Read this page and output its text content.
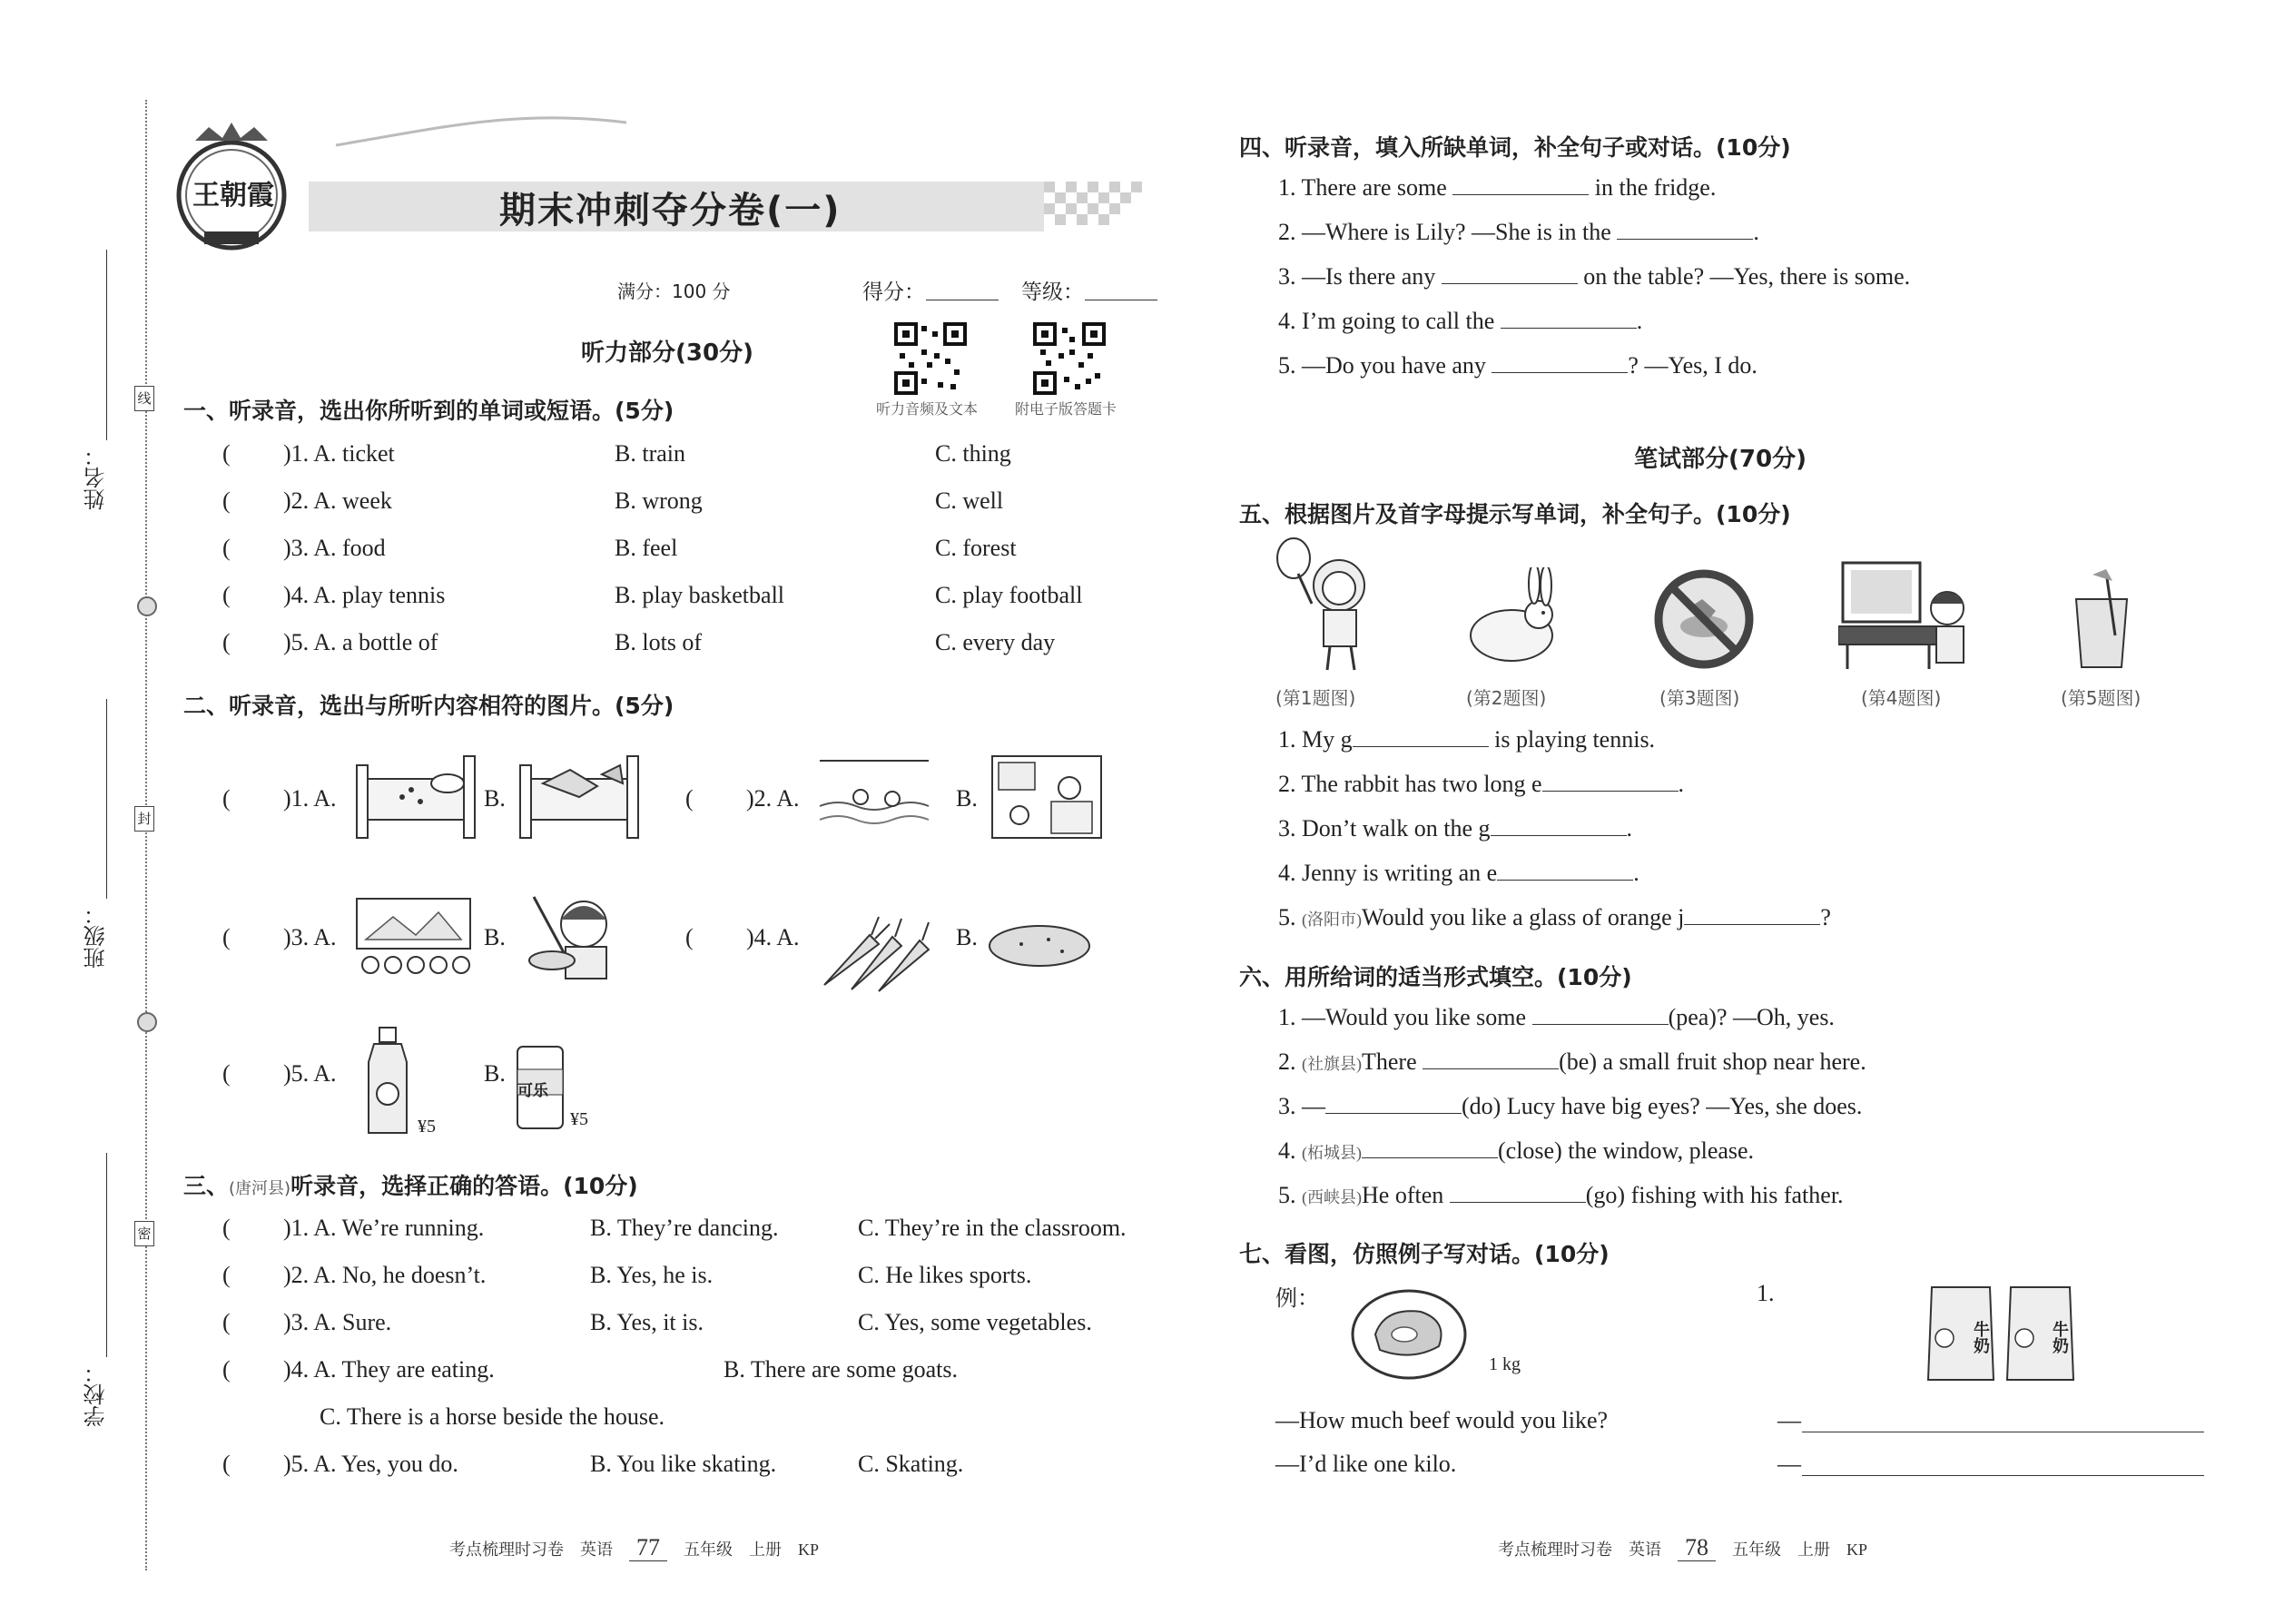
线
封
密
姓名：
班级：
学校：
王朝霞	期末冲刺夺分卷(一)
满分：100 分	得分：	等级：
听力音频及文本	附电子版答题卡
听力部分(30分)
一、听录音，选出你所听到的单词或短语。(5分)
( )1. A. ticket	B. train	C. thing
( )2. A. week	B. wrong	C. well
( )3. A. food	B. feel	C. forest
( )4. A. play tennis	B. play basketball	C. play football
( )5. A. a bottle of	B. lots of	C. every day
二、听录音，选出与所听内容相符的图片。(5分)
( )1. A.	B.	( )2. A.	B.
( )3. A.	B.	( )4. A.	B.
( )5. A.
¥5
B.
可乐
¥5
三、(唐河县)听录音，选择正确的答语。(10分)
( )1. A. We’re running.	B. They’re dancing.	C. They’re in the classroom.
( )2. A. No, he doesn’t.	B. Yes, he is.	C. He likes sports.
( )3. A. Sure.	B. Yes, it is.	C. Yes, some vegetables.
( )4. A. They are eating.	B. There are some goats.
C. There is a horse beside the house.
( )5. A. Yes, you do.	B. You like skating.	C. Skating.
考点梳理时习卷 英语 77 五年级 上册 KP
四、听录音，填入所缺单词，补全句子或对话。(10分)
1. There are some	in the fridge.
2. —Where is Lily? —She is in the	.
3. —Is there any	on the table? —Yes, there is some.
4. I’m going to call the	.
5. —Do you have any	? —Yes, I do.
笔试部分(70分)
五、根据图片及首字母提示写单词，补全句子。(10分)
(第1题图)	(第2题图)	(第3题图)	(第4题图)	(第5题图)
1. My g	is playing tennis.
2. The rabbit has two long e	.
3. Don’t walk on the g	.
4. Jenny is writing an e	.
5. (洛阳市)Would you like a glass of orange j	?
六、用所给词的适当形式填空。(10分)
1. —Would you like some	(pea)? —Oh, yes.
2. (社旗县)There	(be) a small fruit shop near here.
3. —	(do) Lucy have big eyes? —Yes, she does.
4. (柘城县)	(close) the window, please.
5. (西峡县)He often	(go) fishing with his father.
七、看图，仿照例子写对话。(10分)
例：
1 kg
1.
牛奶	牛奶
—How much beef would you like?
—I’d like one kilo.
—
—
考点梳理时习卷 英语 78 五年级 上册 KP
